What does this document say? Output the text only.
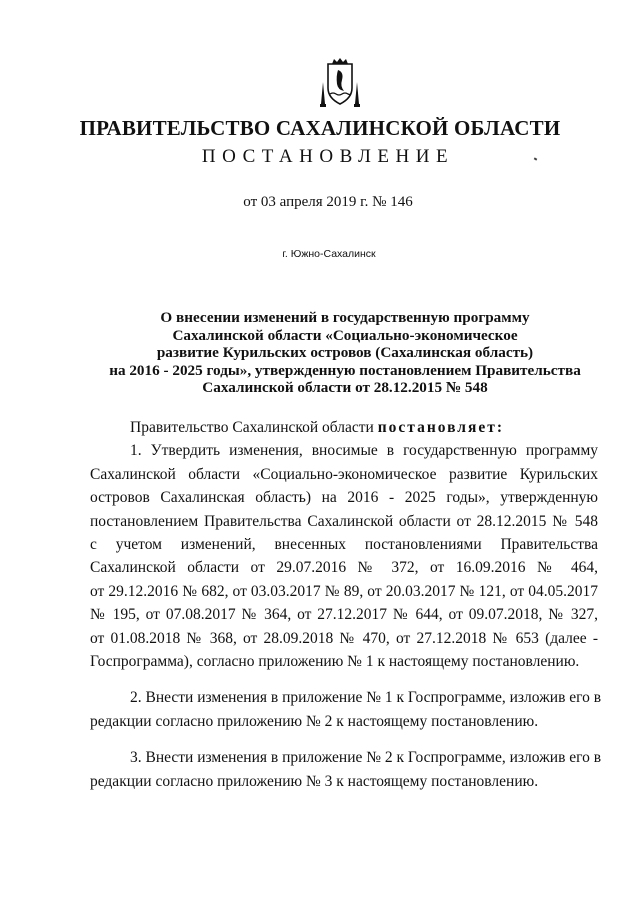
ПРАВИТЕЛЬСТВО САХАЛИНСКОЙ ОБЛАСТИ
ПОСТАНОВЛЕНИЕ
от 03 апреля 2019 г. № 146
г. Южно-Сахалинск
О внесении изменений в государственную программу
Сахалинской области «Социально-экономическое
развитие Курильских островов (Сахалинская область)
на 2016 - 2025 годы», утвержденную постановлением Правительства
Сахалинской области от 28.12.2015 № 548
Правительство Сахалинской области постановляет:
1. Утвердить изменения, вносимые в государственную программу
Сахалинской области «Социально-экономическое развитие Курильских
островов Сахалинская область) на 2016 - 2025 годы», утвержденную
постановлением Правительства Сахалинской области от 28.12.2015 № 548
с учетом изменений, внесенных постановлениями Правительства
Сахалинской области от 29.07.2016 № 372, от 16.09.2016 № 464,
от 29.12.2016 № 682, от 03.03.2017 № 89, от 20.03.2017 № 121, от 04.05.2017
№ 195, от 07.08.2017 № 364, от 27.12.2017 № 644, от 09.07.2018, № 327,
от 01.08.2018 № 368, от 28.09.2018 № 470, от 27.12.2018 № 653 (далее -
Госпрограмма), согласно приложению № 1 к настоящему постановлению.
2. Внести изменения в приложение № 1 к Госпрограмме, изложив его в
редакции согласно приложению № 2 к настоящему постановлению.
3. Внести изменения в приложение № 2 к Госпрограмме, изложив его в
редакции согласно приложению № 3 к настоящему постановлению.
